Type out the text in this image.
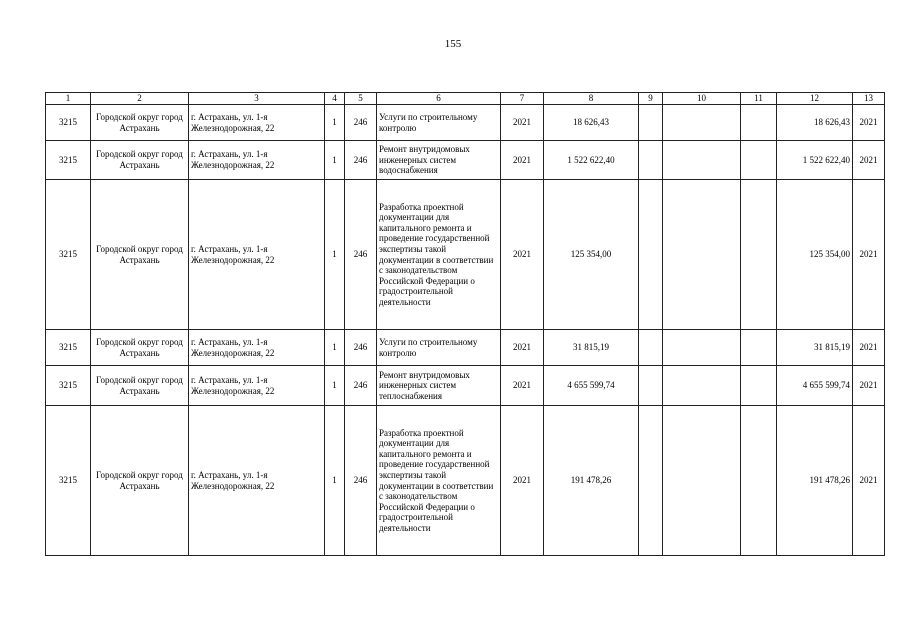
155
1	2	3	4	5	6	7	8	9	10	11	12	13
3215	Городской округ город Астрахань	г. Астрахань, ул. 1-я Железнодорожная, 22	1	246	Услуги по строительному контролю	2021	18 626,43				18 626,43	2021
3215	Городской округ город Астрахань	г. Астрахань, ул. 1-я Железнодорожная, 22	1	246	Ремонт внутридомовых инженерных систем водоснабжения	2021	1 522 622,40				1 522 622,40	2021
3215	Городской округ город Астрахань	г. Астрахань, ул. 1-я Железнодорожная, 22	1	246	Разработка проектной документации для капитального ремонта и проведение государственной экспертизы такой документации в соответствии с законодательством Российской Федерации о градостроительной деятельности	2021	125 354,00				125 354,00	2021
3215	Городской округ город Астрахань	г. Астрахань, ул. 1-я Железнодорожная, 22	1	246	Услуги по строительному контролю	2021	31 815,19				31 815,19	2021
3215	Городской округ город Астрахань	г. Астрахань, ул. 1-я Железнодорожная, 22	1	246	Ремонт внутридомовых инженерных систем теплоснабжения	2021	4 655 599,74				4 655 599,74	2021
3215	Городской округ город Астрахань	г. Астрахань, ул. 1-я Железнодорожная, 22	1	246	Разработка проектной документации для капитального ремонта и проведение государственной экспертизы такой документации в соответствии с законодательством Российской Федерации о градостроительной деятельности	2021	191 478,26				191 478,26	2021
